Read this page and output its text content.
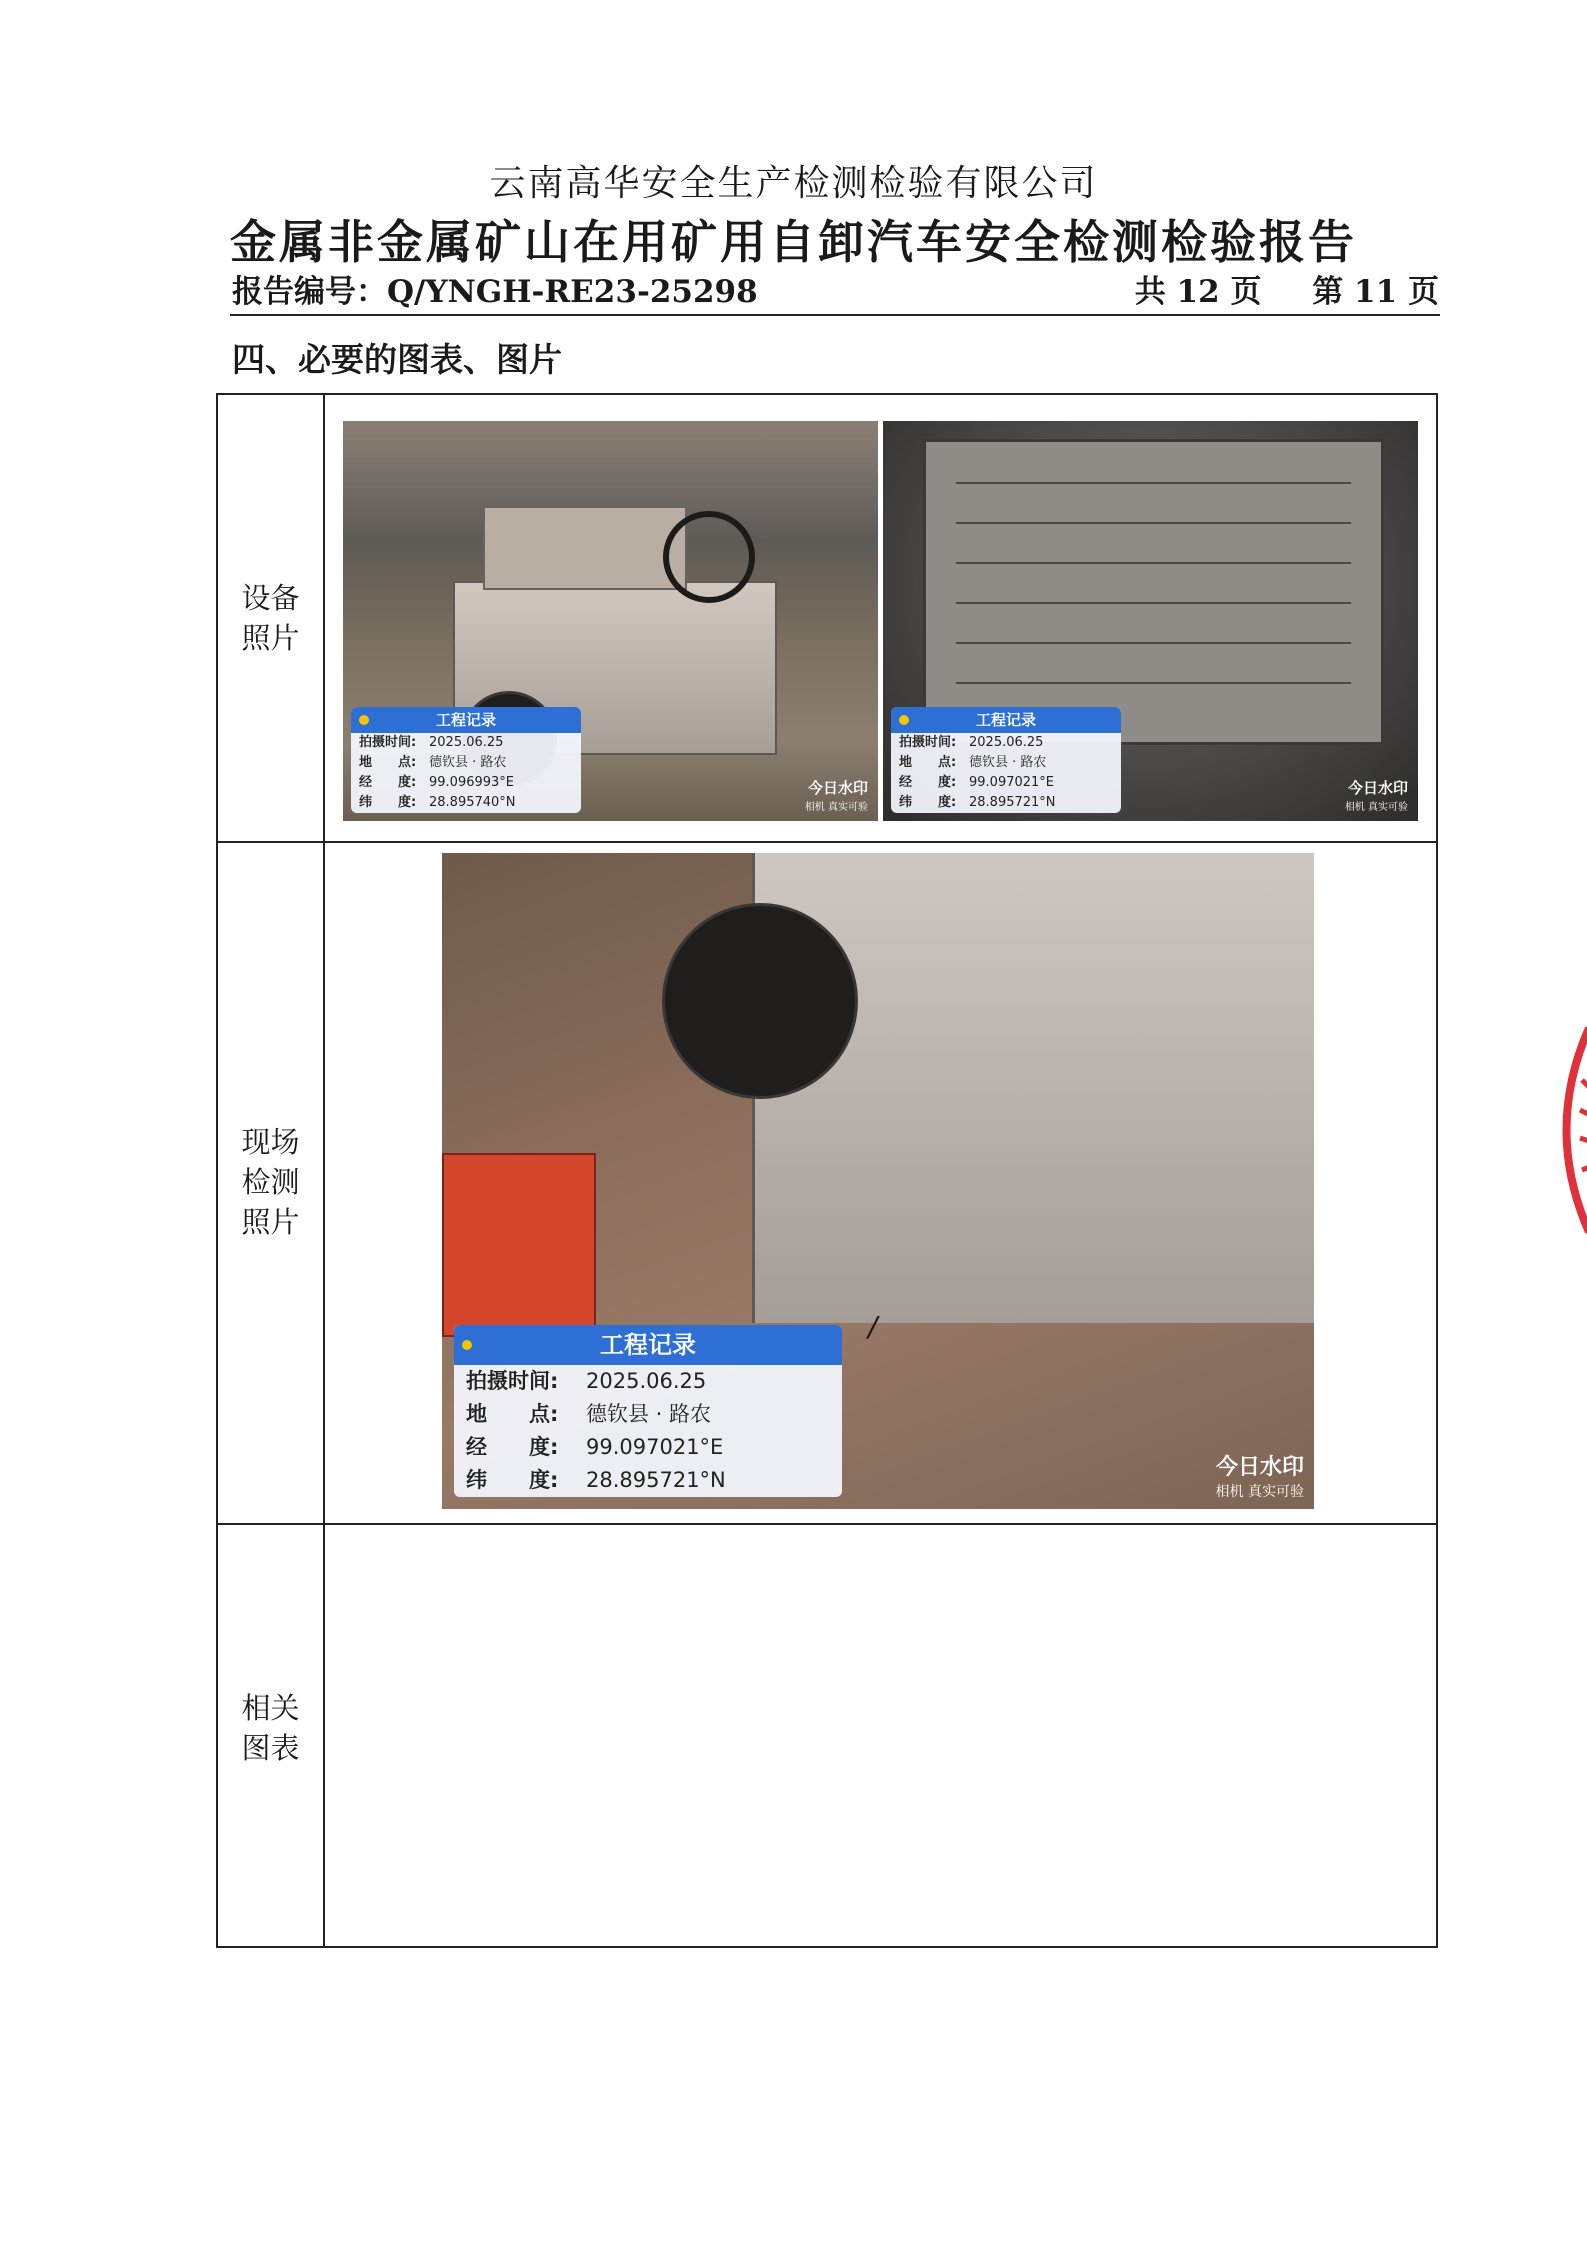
云南高华安全生产检测检验有限公司
金属非金属矿山在用矿用自卸汽车安全检测检验报告
报告编号：Q/YNGH-RE23-25298	共 12 页 第 11 页
四、必要的图表、图片
设备
照片
工程记录
拍摄时间: 2025.06.25
地　　点: 德钦县 · 路农
经　　度: 99.096993°E
纬　　度: 28.895740°N
今日水印
相机 真实可验
工程记录
拍摄时间: 2025.06.25
地　　点: 德钦县 · 路农
经　　度: 99.097021°E
纬　　度: 28.895721°N
今日水印
相机 真实可验
现场
检测
照片
工程记录
拍摄时间: 2025.06.25
地　　点: 德钦县 · 路农
经　　度: 99.097021°E
纬　　度: 28.895721°N	今日水印
相机 真实可验
相关
图表
/
